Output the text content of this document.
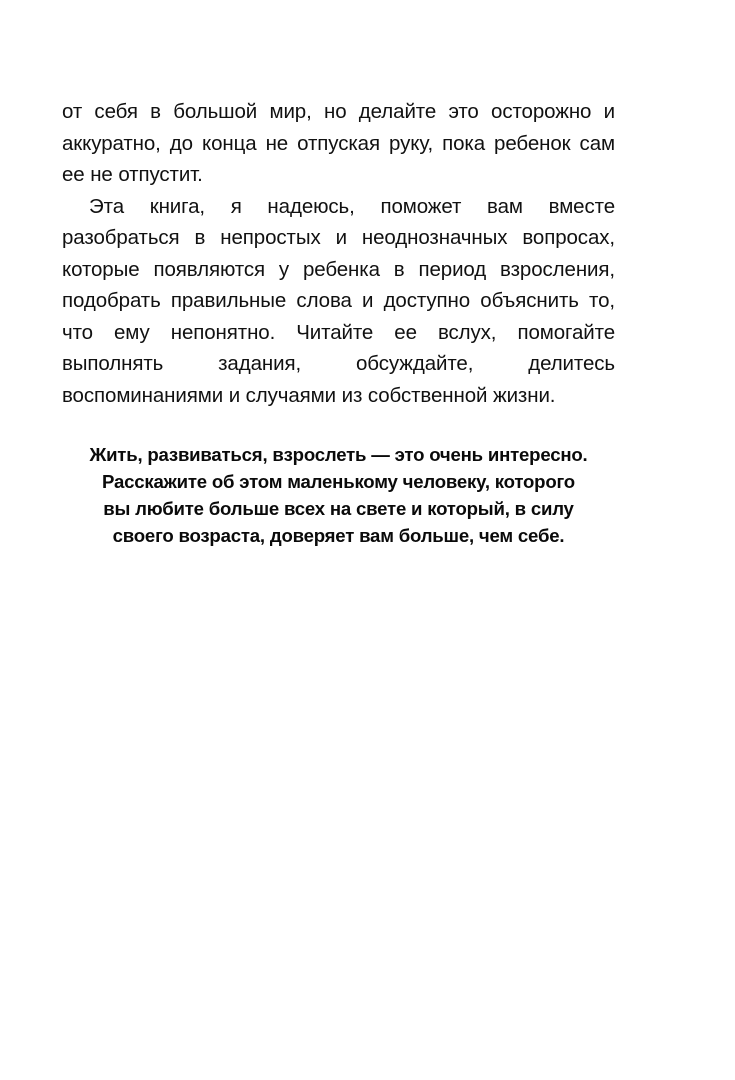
от себя в большой мир, но делайте это осторожно и аккуратно, до конца не отпуская руку, пока ребенок сам ее не отпустит.

Эта книга, я надеюсь, поможет вам вместе разобраться в непростых и неоднозначных вопросах, которые появляются у ребенка в период взросления, подобрать правильные слова и доступно объяснить то, что ему непонятно. Читайте ее вслух, помогайте выполнять задания, обсуждайте, делитесь воспоминаниями и случаями из собственной жизни.

Жить, развиваться, взрослеть — это очень интересно.
Расскажите об этом маленькому человеку, которого
вы любите больше всех на свете и который, в силу
своего возраста, доверяет вам больше, чем себе.
